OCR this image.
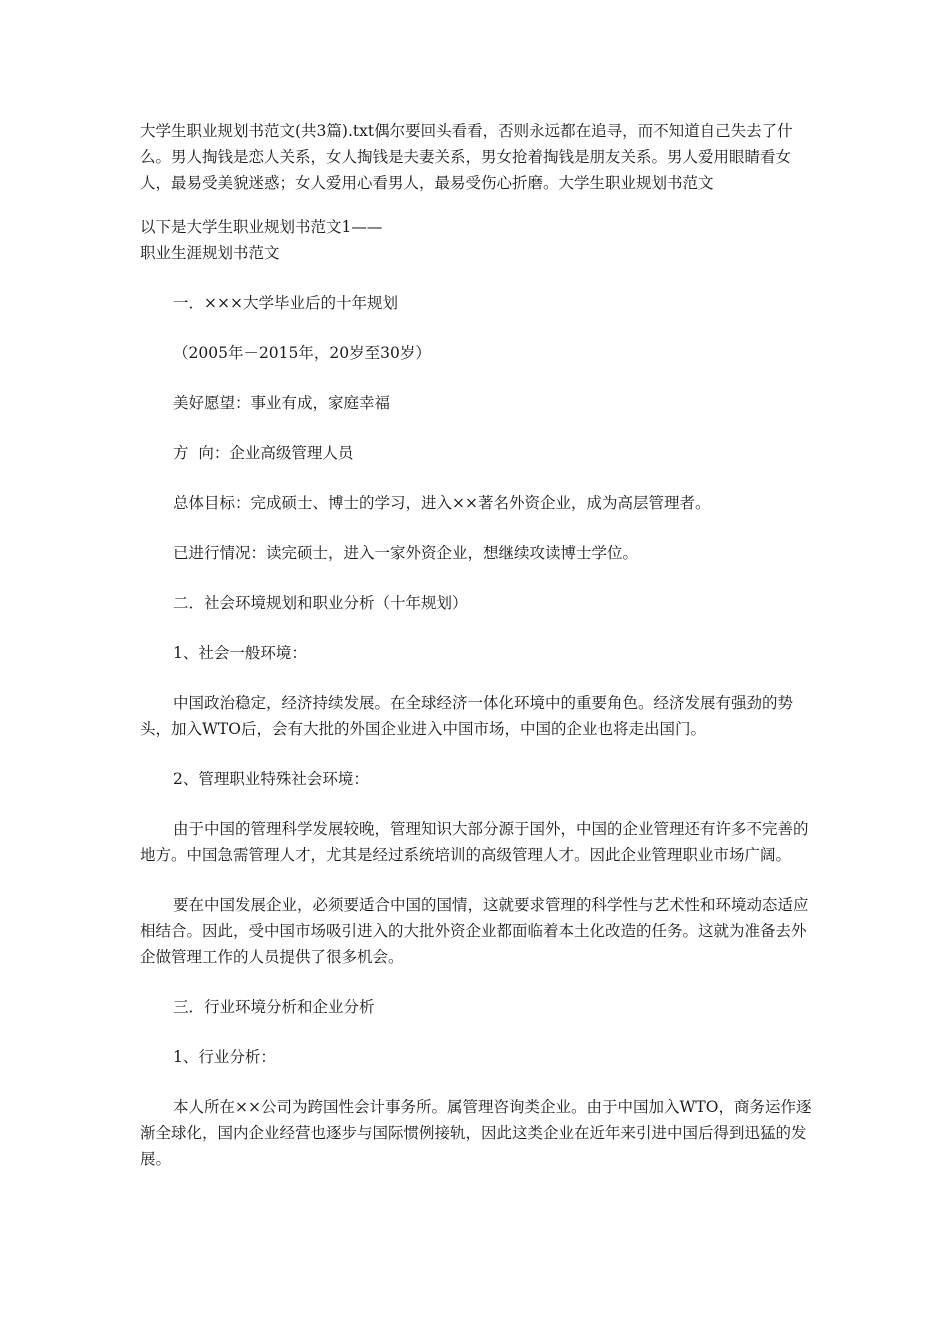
大学生职业规划书范文(共3篇).txt偶尔要回头看看，否则永远都在追寻，而不知道自己失去了什么。男人掏钱是恋人关系，女人掏钱是夫妻关系，男女抢着掏钱是朋友关系。男人爱用眼睛看女人，最易受美貌迷惑；女人爱用心看男人，最易受伤心折磨。大学生职业规划书范文

以下是大学生职业规划书范文1——

职业生涯规划书范文

一．×××大学毕业后的十年规划

（2005年－2015年，20岁至30岁）

美好愿望：事业有成，家庭幸福

方  向：企业高级管理人员

总体目标：完成硕士、博士的学习，进入××著名外资企业，成为高层管理者。

已进行情况：读完硕士，进入一家外资企业，想继续攻读博士学位。

二．社会环境规划和职业分析（十年规划）

1、社会一般环境：

中国政治稳定，经济持续发展。在全球经济一体化环境中的重要角色。经济发展有强劲的势头，加入WTO后，会有大批的外国企业进入中国市场，中国的企业也将走出国门。

2、管理职业特殊社会环境：

由于中国的管理科学发展较晚，管理知识大部分源于国外，中国的企业管理还有许多不完善的地方。中国急需管理人才，尤其是经过系统培训的高级管理人才。因此企业管理职业市场广阔。

要在中国发展企业，必须要适合中国的国情，这就要求管理的科学性与艺术性和环境动态适应相结合。因此，受中国市场吸引进入的大批外资企业都面临着本土化改造的任务。这就为准备去外企做管理工作的人员提供了很多机会。

三．行业环境分析和企业分析

1、行业分析：

本人所在××公司为跨国性会计事务所。属管理咨询类企业。由于中国加入WTO，商务运作逐渐全球化，国内企业经营也逐步与国际惯例接轨，因此这类企业在近年来引进中国后得到迅猛的发展。
